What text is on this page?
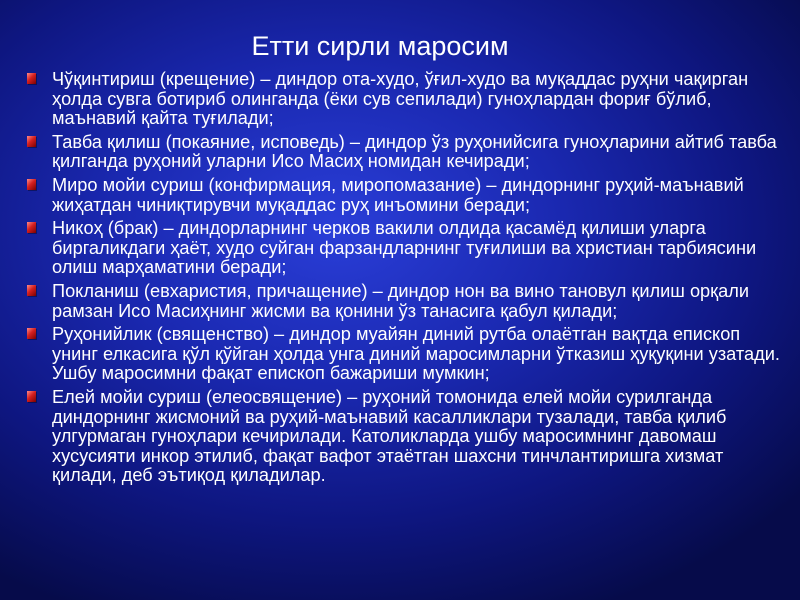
Етти сирли маросим
Чўқинтириш (крещение) – диндор ота-худо, ўғил-худо ва муқаддас руҳни чақирган ҳолда сувга ботириб олинганда (ёки сув сепилади) гуноҳлардан фориғ бўлиб, маънавий қайта туғилади;
Тавба қилиш (покаяние, исповедь) – диндор ўз руҳонийсига гуноҳларини айтиб тавба қилганда руҳоний уларни Исо Масиҳ номидан кечиради;
Миро мойи суриш (конфирмация, миропомазание) – диндорнинг руҳий-маънавий жиҳатдан чиниқтирувчи муқаддас руҳ инъомини беради;
Никоҳ (брак) – диндорларнинг черков вакили олдида қасамёд қилиши уларга биргаликдаги ҳаёт, худо суйган фарзандларнинг туғилиши ва христиан тарбиясини олиш марҳаматини беради;
Покланиш (евхаристия, причащение) – диндор нон ва вино тановул қилиш орқали рамзан Исо Масиҳнинг жисми ва қонини ўз танасига қабул қилади;
Руҳонийлик (священство) – диндор муайян диний рутба олаётган вақтда епископ унинг елкасига қўл қўйган ҳолда унга диний маросимларни ўтказиш ҳуқуқини узатади. Ушбу маросимни фақат епископ бажариши мумкин;
Елей мойи суриш (елеосвящение) – руҳоний томонида елей мойи сурилганда диндорнинг жисмоний ва руҳий-маънавий касалликлари тузалади, тавба қилиб улгурмаган гуноҳлари кечирилади. Католикларда ушбу маросимнинг давомаш хусусияти инкор этилиб, фақат вафот этаётган шахсни тинчлантиришга хизмат қилади, деб эътиқод қиладилар.
